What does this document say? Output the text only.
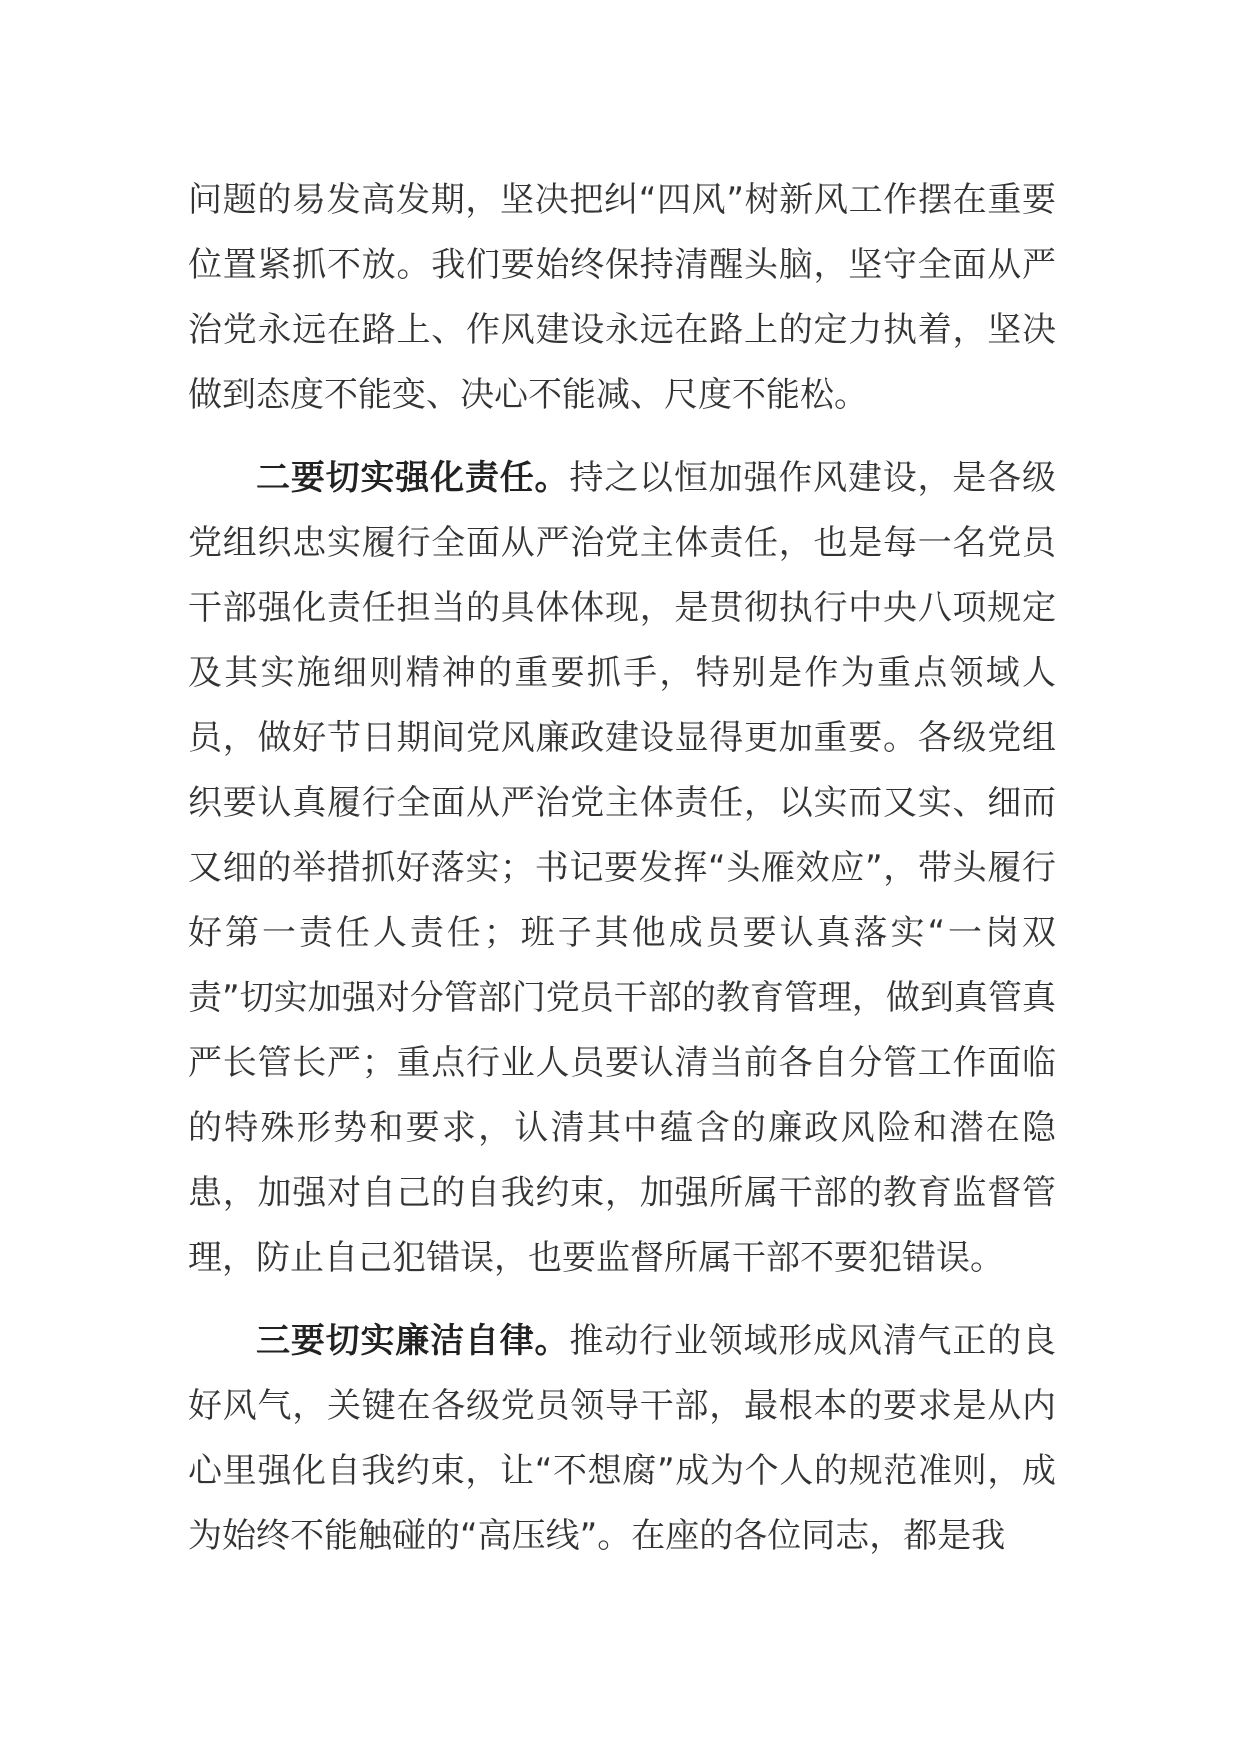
问题的易发高发期，坚决把纠“四风”树新风工作摆在重要位置紧抓不放。我们要始终保持清醒头脑，坚守全面从严治党永远在路上、作风建设永远在路上的定力执着，坚决做到态度不能变、决心不能减、尺度不能松。

二要切实强化责任。持之以恒加强作风建设，是各级党组织忠实履行全面从严治党主体责任，也是每一名党员干部强化责任担当的具体体现，是贯彻执行中央八项规定及其实施细则精神的重要抓手，特别是作为重点领域人员，做好节日期间党风廉政建设显得更加重要。各级党组织要认真履行全面从严治党主体责任，以实而又实、细而又细的举措抓好落实；书记要发挥“头雁效应”，带头履行好第一责任人责任；班子其他成员要认真落实“一岗双责”切实加强对分管部门党员干部的教育管理，做到真管真严长管长严；重点行业人员要认清当前各自分管工作面临的特殊形势和要求，认清其中蕴含的廉政风险和潜在隐患，加强对自己的自我约束，加强所属干部的教育监督管理，防止自己犯错误，也要监督所属干部不要犯错误。

三要切实廉洁自律。推动行业领域形成风清气正的良好风气，关键在各级党员领导干部，最根本的要求是从内心里强化自我约束，让“不想腐”成为个人的规范准则，成为始终不能触碰的“高压线”。在座的各位同志，都是我
